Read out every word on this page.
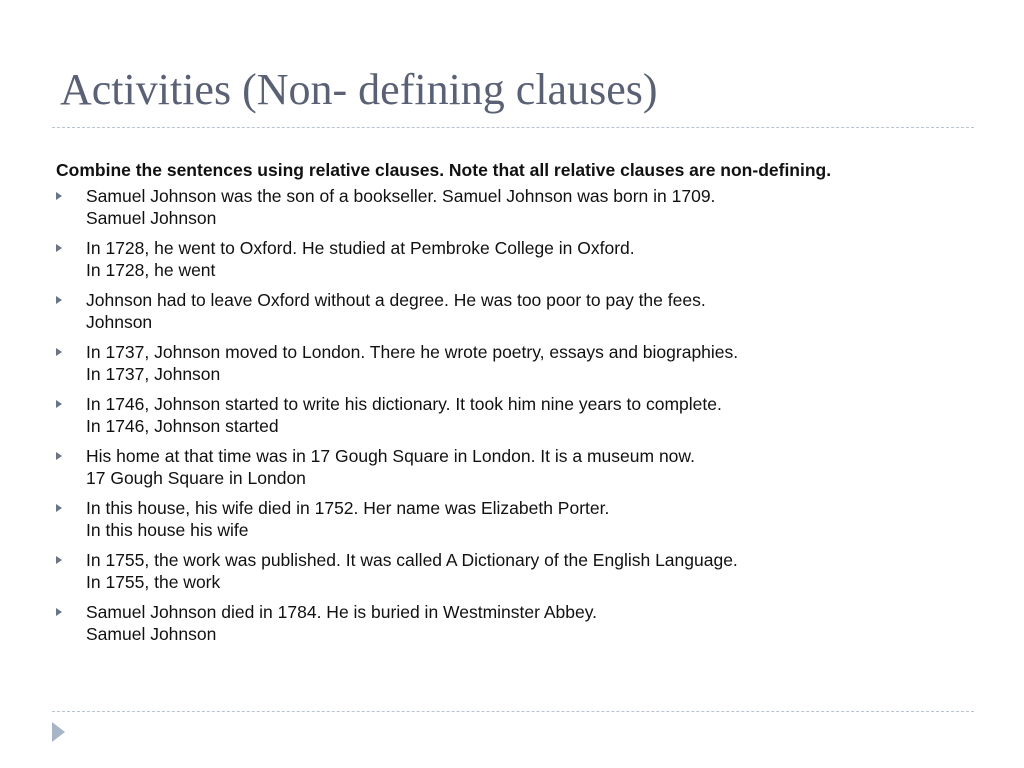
Activities (Non- defining clauses)

Combine the sentences using relative clauses. Note that all relative clauses are non-defining.

Samuel Johnson was the son of a bookseller. Samuel Johnson was born in 1709.
Samuel Johnson
In 1728, he went to Oxford. He studied at Pembroke College in Oxford.
In 1728, he went
Johnson had to leave Oxford without a degree. He was too poor to pay the fees.
Johnson
In 1737, Johnson moved to London. There he wrote poetry, essays and biographies.
In 1737, Johnson
In 1746, Johnson started to write his dictionary. It took him nine years to complete.
In 1746, Johnson started
His home at that time was in 17 Gough Square in London. It is a museum now.
17 Gough Square in London
In this house, his wife died in 1752. Her name was Elizabeth Porter.
In this house his wife
In 1755, the work was published. It was called A Dictionary of the English Language.
In 1755, the work
Samuel Johnson died in 1784. He is buried in Westminster Abbey.
Samuel Johnson
